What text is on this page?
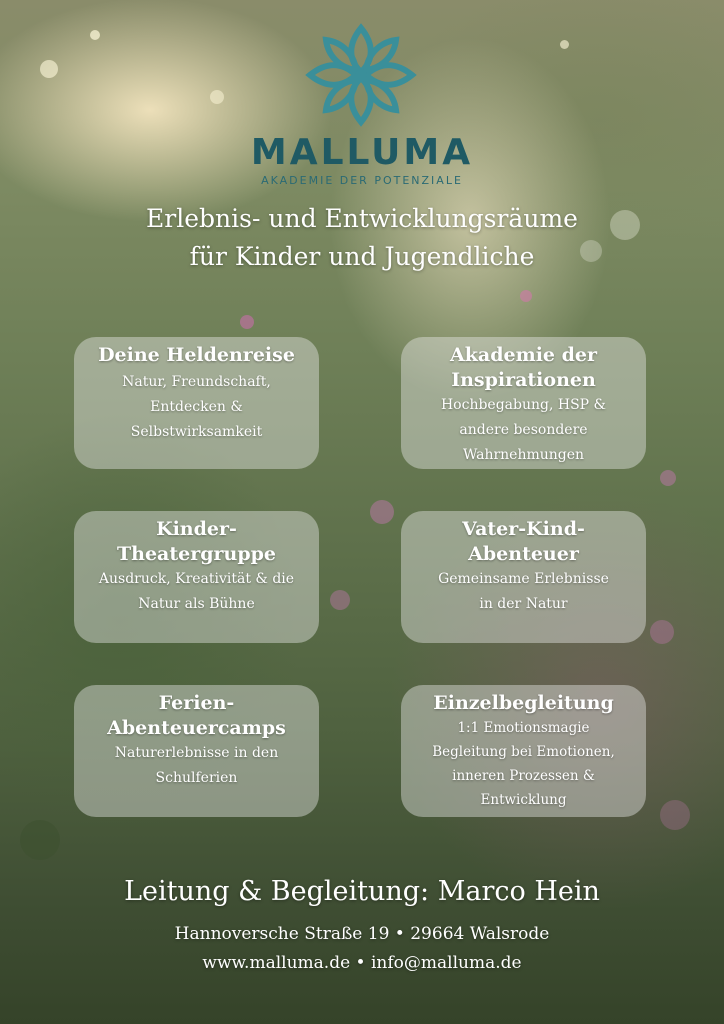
MALLUMA
AKADEMIE DER POTENZIALE
Erlebnis- und Entwicklungsräume
für Kinder und Jugendliche
Deine Heldenreise
Natur, Freundschaft,
Entdecken &
Selbstwirksamkeit
Akademie der
Inspirationen
Hochbegabung, HSP &
andere besondere
Wahrnehmungen
Kinder-
Theatergruppe
Ausdruck, Kreativität & die
Natur als Bühne
Vater-Kind-
Abenteuer
Gemeinsame Erlebnisse
in der Natur
Ferien-
Abenteuercamps
Naturerlebnisse in den
Schulferien
Einzelbegleitung
1:1 Emotionsmagie
Begleitung bei Emotionen,
inneren Prozessen &
Entwicklung
Leitung & Begleitung: Marco Hein
Hannoversche Straße 19 • 29664 Walsrode
www.malluma.de • info@malluma.de
